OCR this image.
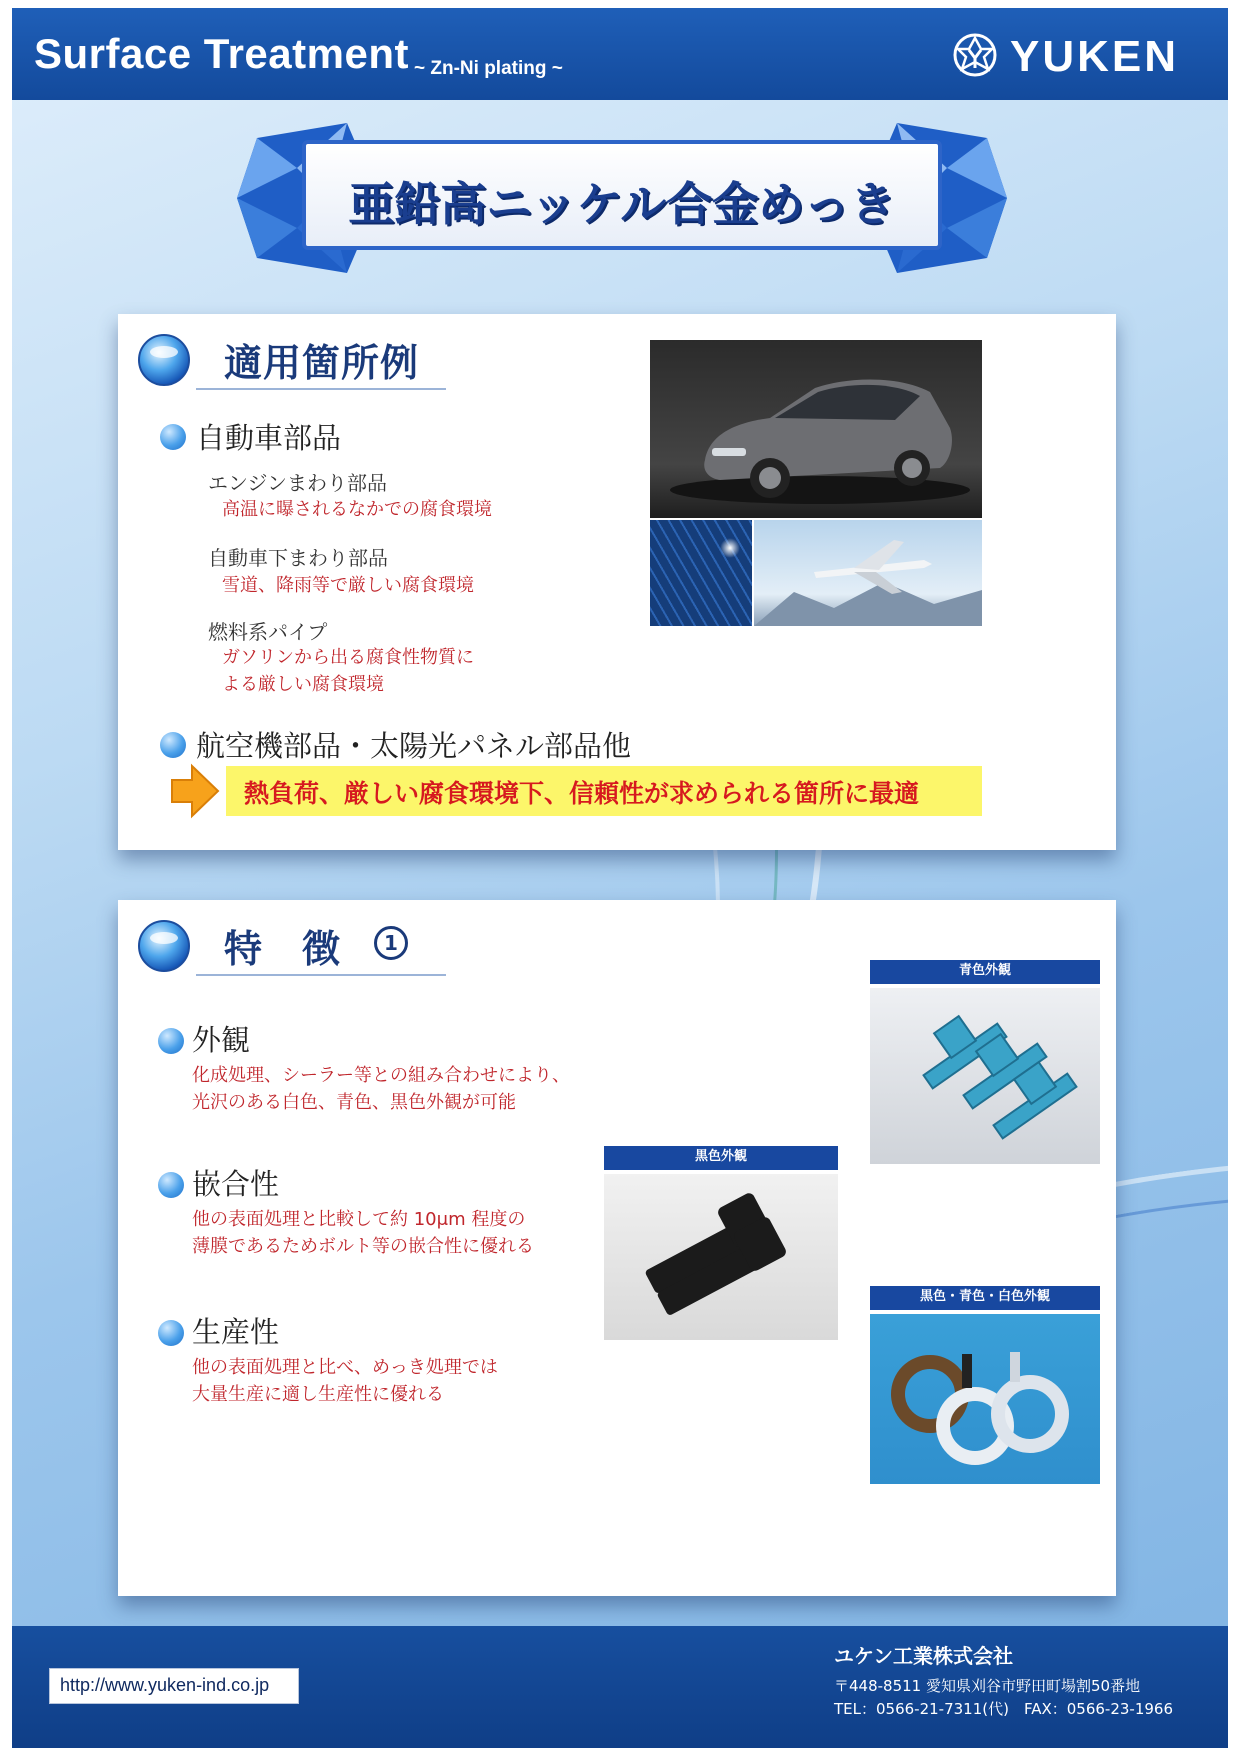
Surface Treatment ~ Zn-Ni plating ~	YUKEN
亜鉛高ニッケル合金めっき
適用箇所例
自動車部品
エンジンまわり部品
高温に曝されるなかでの腐食環境
自動車下まわり部品
雪道、降雨等で厳しい腐食環境
燃料系パイプ
ガソリンから出る腐食性物質に
よる厳しい腐食環境
航空機部品・太陽光パネル部品他
熱負荷、厳しい腐食環境下、信頼性が求められる箇所に最適
特　徴	1
外観
化成処理、シーラー等との組み合わせにより、
光沢のある白色、青色、黒色外観が可能
嵌合性
他の表面処理と比較して約 10μm 程度の
薄膜であるためボルト等の嵌合性に優れる
生産性
他の表面処理と比べ、めっき処理では
大量生産に適し生産性に優れる
青色外観
黒色外観
黒色・青色・白色外観
http://www.yuken-ind.co.jp
ユケン工業株式会社
〒448-8511 愛知県刈谷市野田町場割50番地
TEL：0566-21-7311(代)　FAX：0566-23-1966
